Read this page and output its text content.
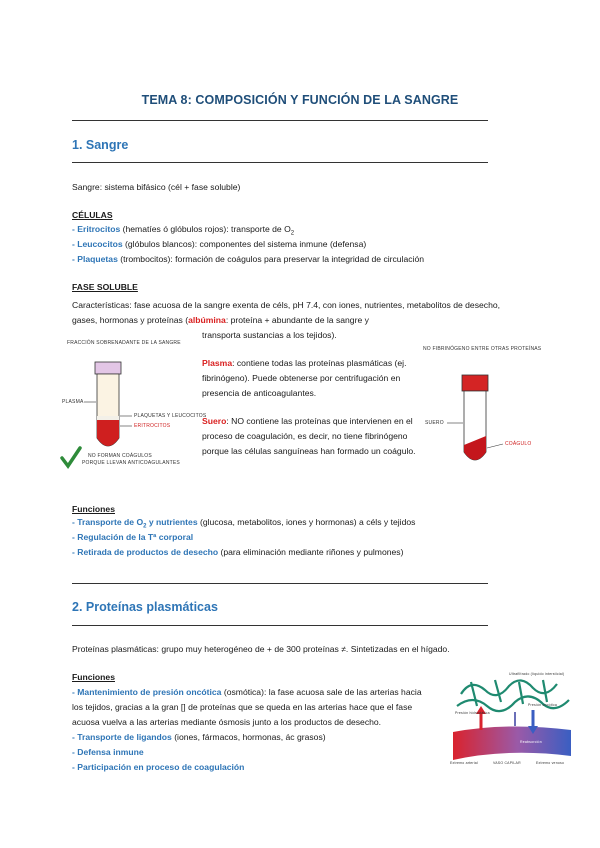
TEMA 8: COMPOSICIÓN Y FUNCIÓN DE LA SANGRE
1. Sangre
Sangre: sistema bifásico (cél + fase soluble)
CÉLULAS
- Eritrocitos (hematíes ó glóbulos rojos): transporte de $O_2$
- Leucocitos (glóbulos blancos): componentes del sistema inmune (defensa)
- Plaquetas (trombocitos): formación de coágulos para preservar la integridad de circulación
FASE SOLUBLE
Características: fase acuosa de la sangre exenta de céls, pH 7.4, con iones, nutrientes, metabolitos de desecho,
gases, hormonas y proteínas (albúmina: proteína + abundante de la sangre y
transporta sustancias a los tejidos).
FRACCIÓN SOBRENADANTE DE LA SANGRE
PLASMA
PLAQUETAS Y LEUCOCITOS
ERITROCITOS
NO FORMAN COÁGULOS
PORQUE LLEVAN ANTICOAGULANTES
Plasma: contiene todas las proteínas plasmáticas (ej. fibrinógeno). Puede obtenerse por centrifugación en presencia de anticoagulantes.
Suero: NO contiene las proteínas que intervienen en el proceso de coagulación, es decir, no tiene fibrinógeno porque las células sanguíneas han formado un coágulo.
NO FIBRINÓGENO ENTRE OTRAS PROTEÍNAS
SUERO
COÁGULO
Funciones
- Transporte de $O_2$ y nutrientes (glucosa, metabolitos, iones y hormonas) a céls y tejidos
- Regulación de la Tª corporal
- Retirada de productos de desecho (para eliminación mediante riñones y pulmones)
2. Proteínas plasmáticas
Proteínas plasmáticas: grupo muy heterogéneo de + de 300 proteínas ≠. Sintetizadas en el hígado.
Funciones
- Mantenimiento de presión oncótica (osmótica): la fase acuosa sale de las arterias hacia
los tejidos, gracias a la gran [] de proteínas que se queda en las arterias hace que el fase
acuosa vuelva a las arterias mediante ósmosis junto a los productos de desecho.
- Transporte de ligandos (iones, fármacos, hormonas, ác grasos)
- Defensa inmune
- Participación en proceso de coagulación
Ultrafiltrado (líquido intersticial)
Presión hidrostática
Presión oncótica
Reabsorción
Extremo arterial	VASO CAPILAR	Extremo venoso
